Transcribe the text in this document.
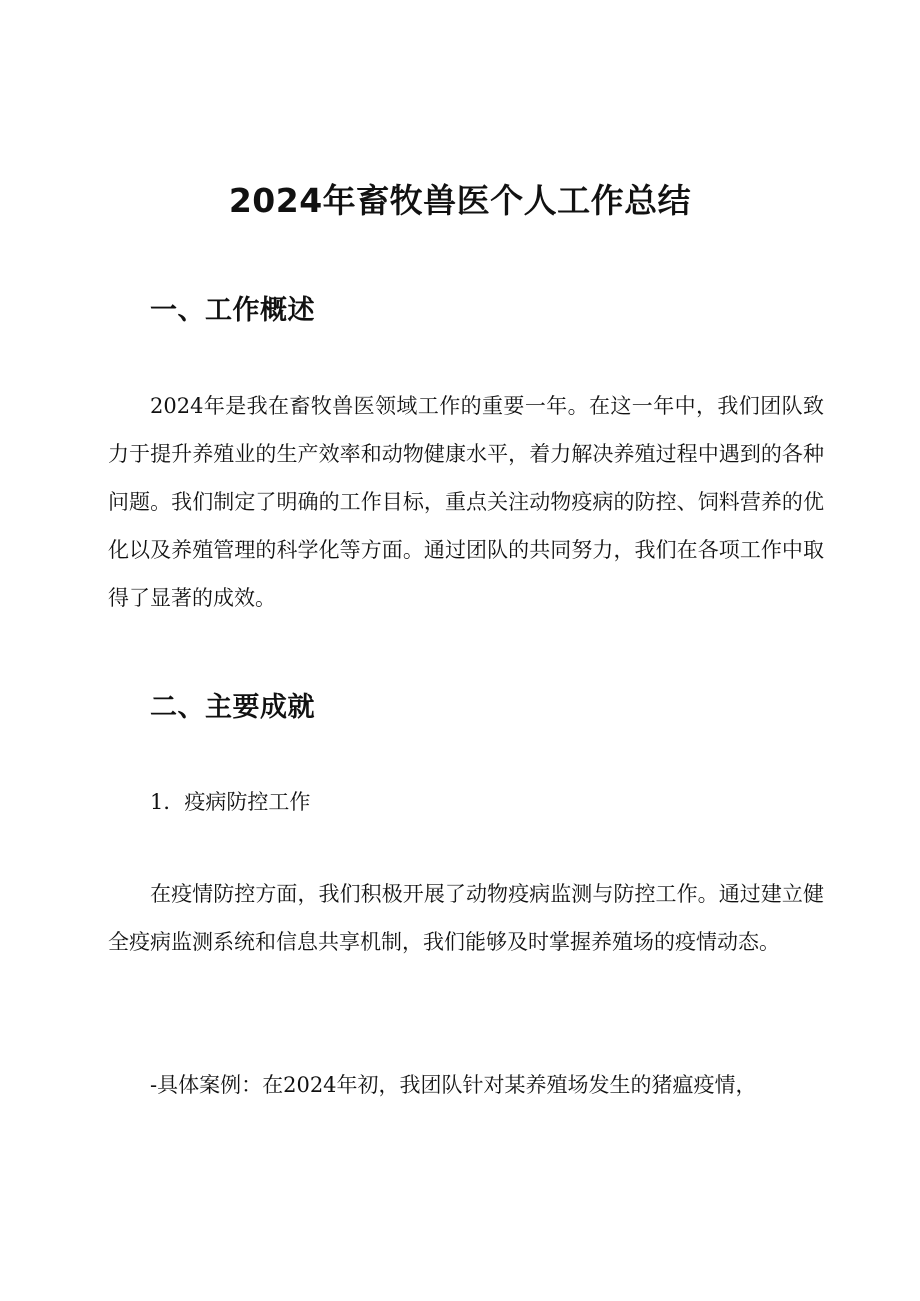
2024年畜牧兽医个人工作总结
一、工作概述
2024年是我在畜牧兽医领域工作的重要一年。在这一年中，我们团队致力于提升养殖业的生产效率和动物健康水平，着力解决养殖过程中遇到的各种问题。我们制定了明确的工作目标，重点关注动物疫病的防控、饲料营养的优化以及养殖管理的科学化等方面。通过团队的共同努力，我们在各项工作中取得了显著的成效。
二、主要成就
1．疫病防控工作
在疫情防控方面，我们积极开展了动物疫病监测与防控工作。通过建立健全疫病监测系统和信息共享机制，我们能够及时掌握养殖场的疫情动态。
-具体案例：在2024年初，我团队针对某养殖场发生的猪瘟疫情，
